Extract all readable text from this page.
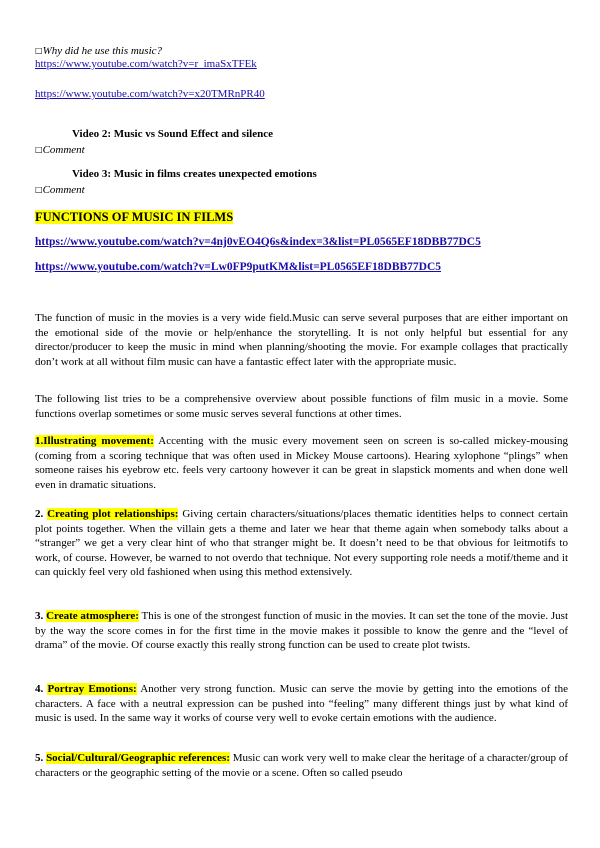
□Why did he use this music?
https://www.youtube.com/watch?v=r_imaSxTFEk
https://www.youtube.com/watch?v=x20TMRnPR40
Video 2: Music vs Sound Effect and silence
□Comment
Video 3: Music in films creates unexpected emotions
□Comment
FUNCTIONS OF MUSIC IN FILMS
https://www.youtube.com/watch?v=4nj0vEO4Q6s&index=3&list=PL0565EF18DBB77DC5
https://www.youtube.com/watch?v=Lw0FP9putKM&list=PL0565EF18DBB77DC5

The function of music in the movies is a very wide field.Music can serve several purposes that are either important on the emotional side of the movie or help/enhance the storytelling. It is not only helpful but essential for any director/producer to keep the music in mind when planning/shooting the movie. For example collages that practically don’t work at all without film music can have a fantastic effect later with the appropriate music.

The following list tries to be a comprehensive overview about possible functions of film music in a movie. Some functions overlap sometimes or some music serves several functions at other times.

1.Illustrating movement: Accenting with the music every movement seen on screen is so-called mickey-mousing (coming from a scoring technique that was often used in Mickey Mouse cartoons). Hearing xylophone “plings” when someone raises his eyebrow etc. feels very cartoony however it can be great in slapstick moments and when done well even in dramatic situations.

2. Creating plot relationships: Giving certain characters/situations/places thematic identities helps to connect certain plot points together. When the villain gets a theme and later we hear that theme again when somebody talks about a “stranger” we get a very clear hint of who that stranger might be. It doesn’t need to be that obvious for leitmotifs to work, of course. However, be warned to not overdo that technique. Not every supporting role needs a motif/theme and it can quickly feel very old fashioned when using this method extensively.

3. Create atmosphere: This is one of the strongest function of music in the movies. It can set the tone of the movie. Just by the way the score comes in for the first time in the movie makes it possible to know the genre and the “level of drama” of the movie. Of course exactly this really strong function can be used to create plot twists.

4. Portray Emotions: Another very strong function. Music can serve the movie by getting into the emotions of the characters. A face with a neutral expression can be pushed into “feeling” many different things just by what kind of music is used. In the same way it works of course very well to evoke certain emotions with the audience.

5. Social/Cultural/Geographic references: Music can work very well to make clear the heritage of a character/group of characters or the geographic setting of the movie or a scene. Often so called pseudo
